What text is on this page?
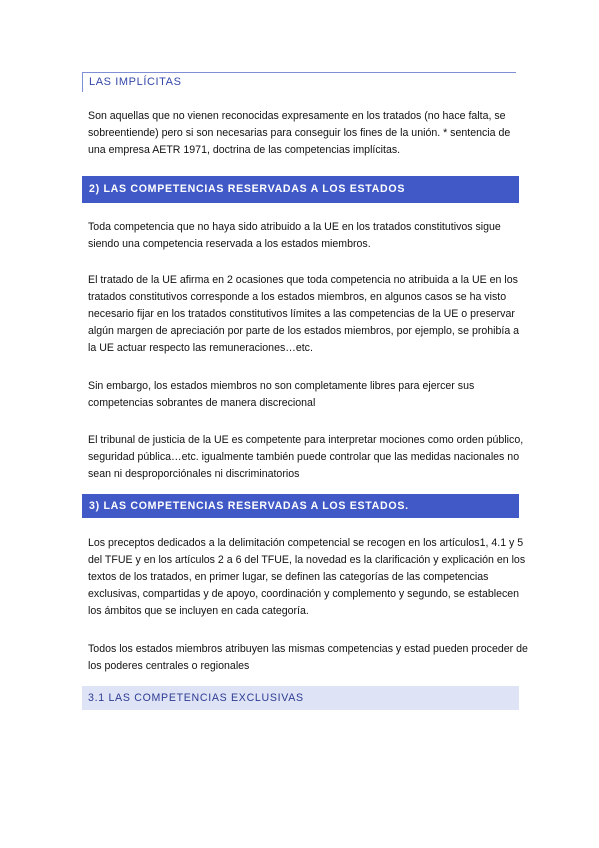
LAS IMPLÍCITAS
Son aquellas que no vienen reconocidas expresamente en los tratados (no hace falta, se sobreentiende) pero si son necesarias para conseguir los fines de la unión. * sentencia de una empresa AETR 1971, doctrina de las competencias implícitas.
2) LAS COMPETENCIAS RESERVADAS A LOS ESTADOS
Toda competencia que no haya sido atribuido a la UE en los tratados constitutivos sigue siendo una competencia reservada a los estados miembros.
El tratado de la UE afirma en 2 ocasiones que toda competencia no atribuida a la UE en los tratados constitutivos corresponde a los estados miembros, en algunos casos se ha visto necesario fijar en los tratados constitutivos límites a las competencias de la UE o preservar algún margen de apreciación por parte de los estados miembros, por ejemplo, se prohibía a la UE actuar respecto las remuneraciones…etc.
Sin embargo, los estados miembros no son completamente libres para ejercer sus competencias sobrantes de manera discrecional
El tribunal de justicia de la UE es competente para interpretar mociones como orden público, seguridad pública…etc. igualmente también puede controlar que las medidas nacionales no sean ni desproporciónales ni discriminatorios
3) LAS COMPETENCIAS RESERVADAS A LOS ESTADOS.
Los preceptos dedicados a la delimitación competencial se recogen en los artículos1, 4.1 y 5 del TFUE y en los artículos 2 a 6 del TFUE, la novedad es la clarificación y explicación en los textos de los tratados, en primer lugar, se definen las categorías de las competencias exclusivas, compartidas y de apoyo, coordinación y complemento y segundo, se establecen los ámbitos que se incluyen en cada categoría.
Todos los estados miembros atribuyen las mismas competencias y estad pueden proceder de los poderes centrales o regionales
3.1 LAS COMPETENCIAS EXCLUSIVAS
